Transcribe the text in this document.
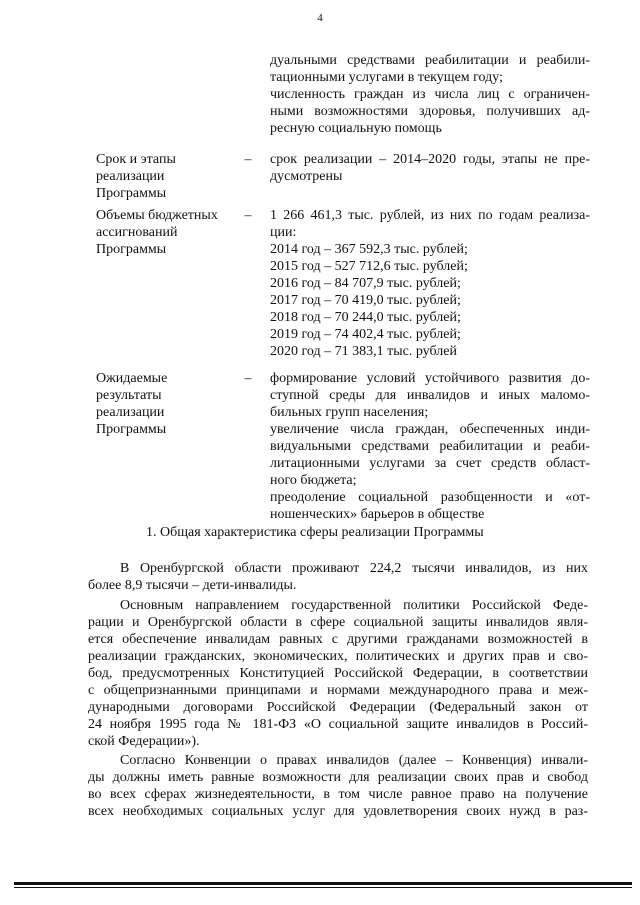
4
дуальными средствами реабилитации и реабили-
тационными услугами в текущем году;
численность граждан из числа лиц с ограничен-
ными возможностями здоровья, получивших ад-
ресную социальную помощь
Срок и этапы
реализации
Программы
– срок реализации – 2014–2020 годы, этапы не пре-
дусмотрены
Объемы бюджетных
ассигнований
Программы
– 1 266 461,3 тыс. рублей, из них по годам реализа-
ции:
2014 год – 367 592,3 тыс. рублей;
2015 год – 527 712,6 тыс. рублей;
2016 год – 84 707,9 тыс. рублей;
2017 год – 70 419,0 тыс. рублей;
2018 год – 70 244,0 тыс. рублей;
2019 год – 74 402,4 тыс. рублей;
2020 год – 71 383,1 тыс. рублей
Ожидаемые
результаты
реализации
Программы
– формирование условий устойчивого развития до-
ступной среды для инвалидов и иных маломо-
бильных групп населения;
увеличение числа граждан, обеспеченных инди-
видуальными средствами реабилитации и реаби-
литационными услугами за счет средств област-
ного бюджета;
преодоление социальной разобщенности и «от-
ношенческих» барьеров в обществе
1. Общая характеристика сферы реализации Программы
В Оренбургской области проживают 224,2 тысячи инвалидов, из них
более 8,9 тысячи – дети-инвалиды.
Основным направлением государственной политики Российской Феде-
рации и Оренбургской области в сфере социальной защиты инвалидов явля-
ется обеспечение инвалидам равных с другими гражданами возможностей в
реализации гражданских, экономических, политических и других прав и сво-
бод, предусмотренных Конституцией Российской Федерации, в соответствии
с общепризнанными принципами и нормами международного права и меж-
дународными договорами Российской Федерации (Федеральный закон от
24 ноября 1995 года № 181-ФЗ «О социальной защите инвалидов в Россий-
ской Федерации»).
Согласно Конвенции о правах инвалидов (далее – Конвенция) инвали-
ды должны иметь равные возможности для реализации своих прав и свобод
во всех сферах жизнедеятельности, в том числе равное право на получение
всех необходимых социальных услуг для удовлетворения своих нужд в раз-
